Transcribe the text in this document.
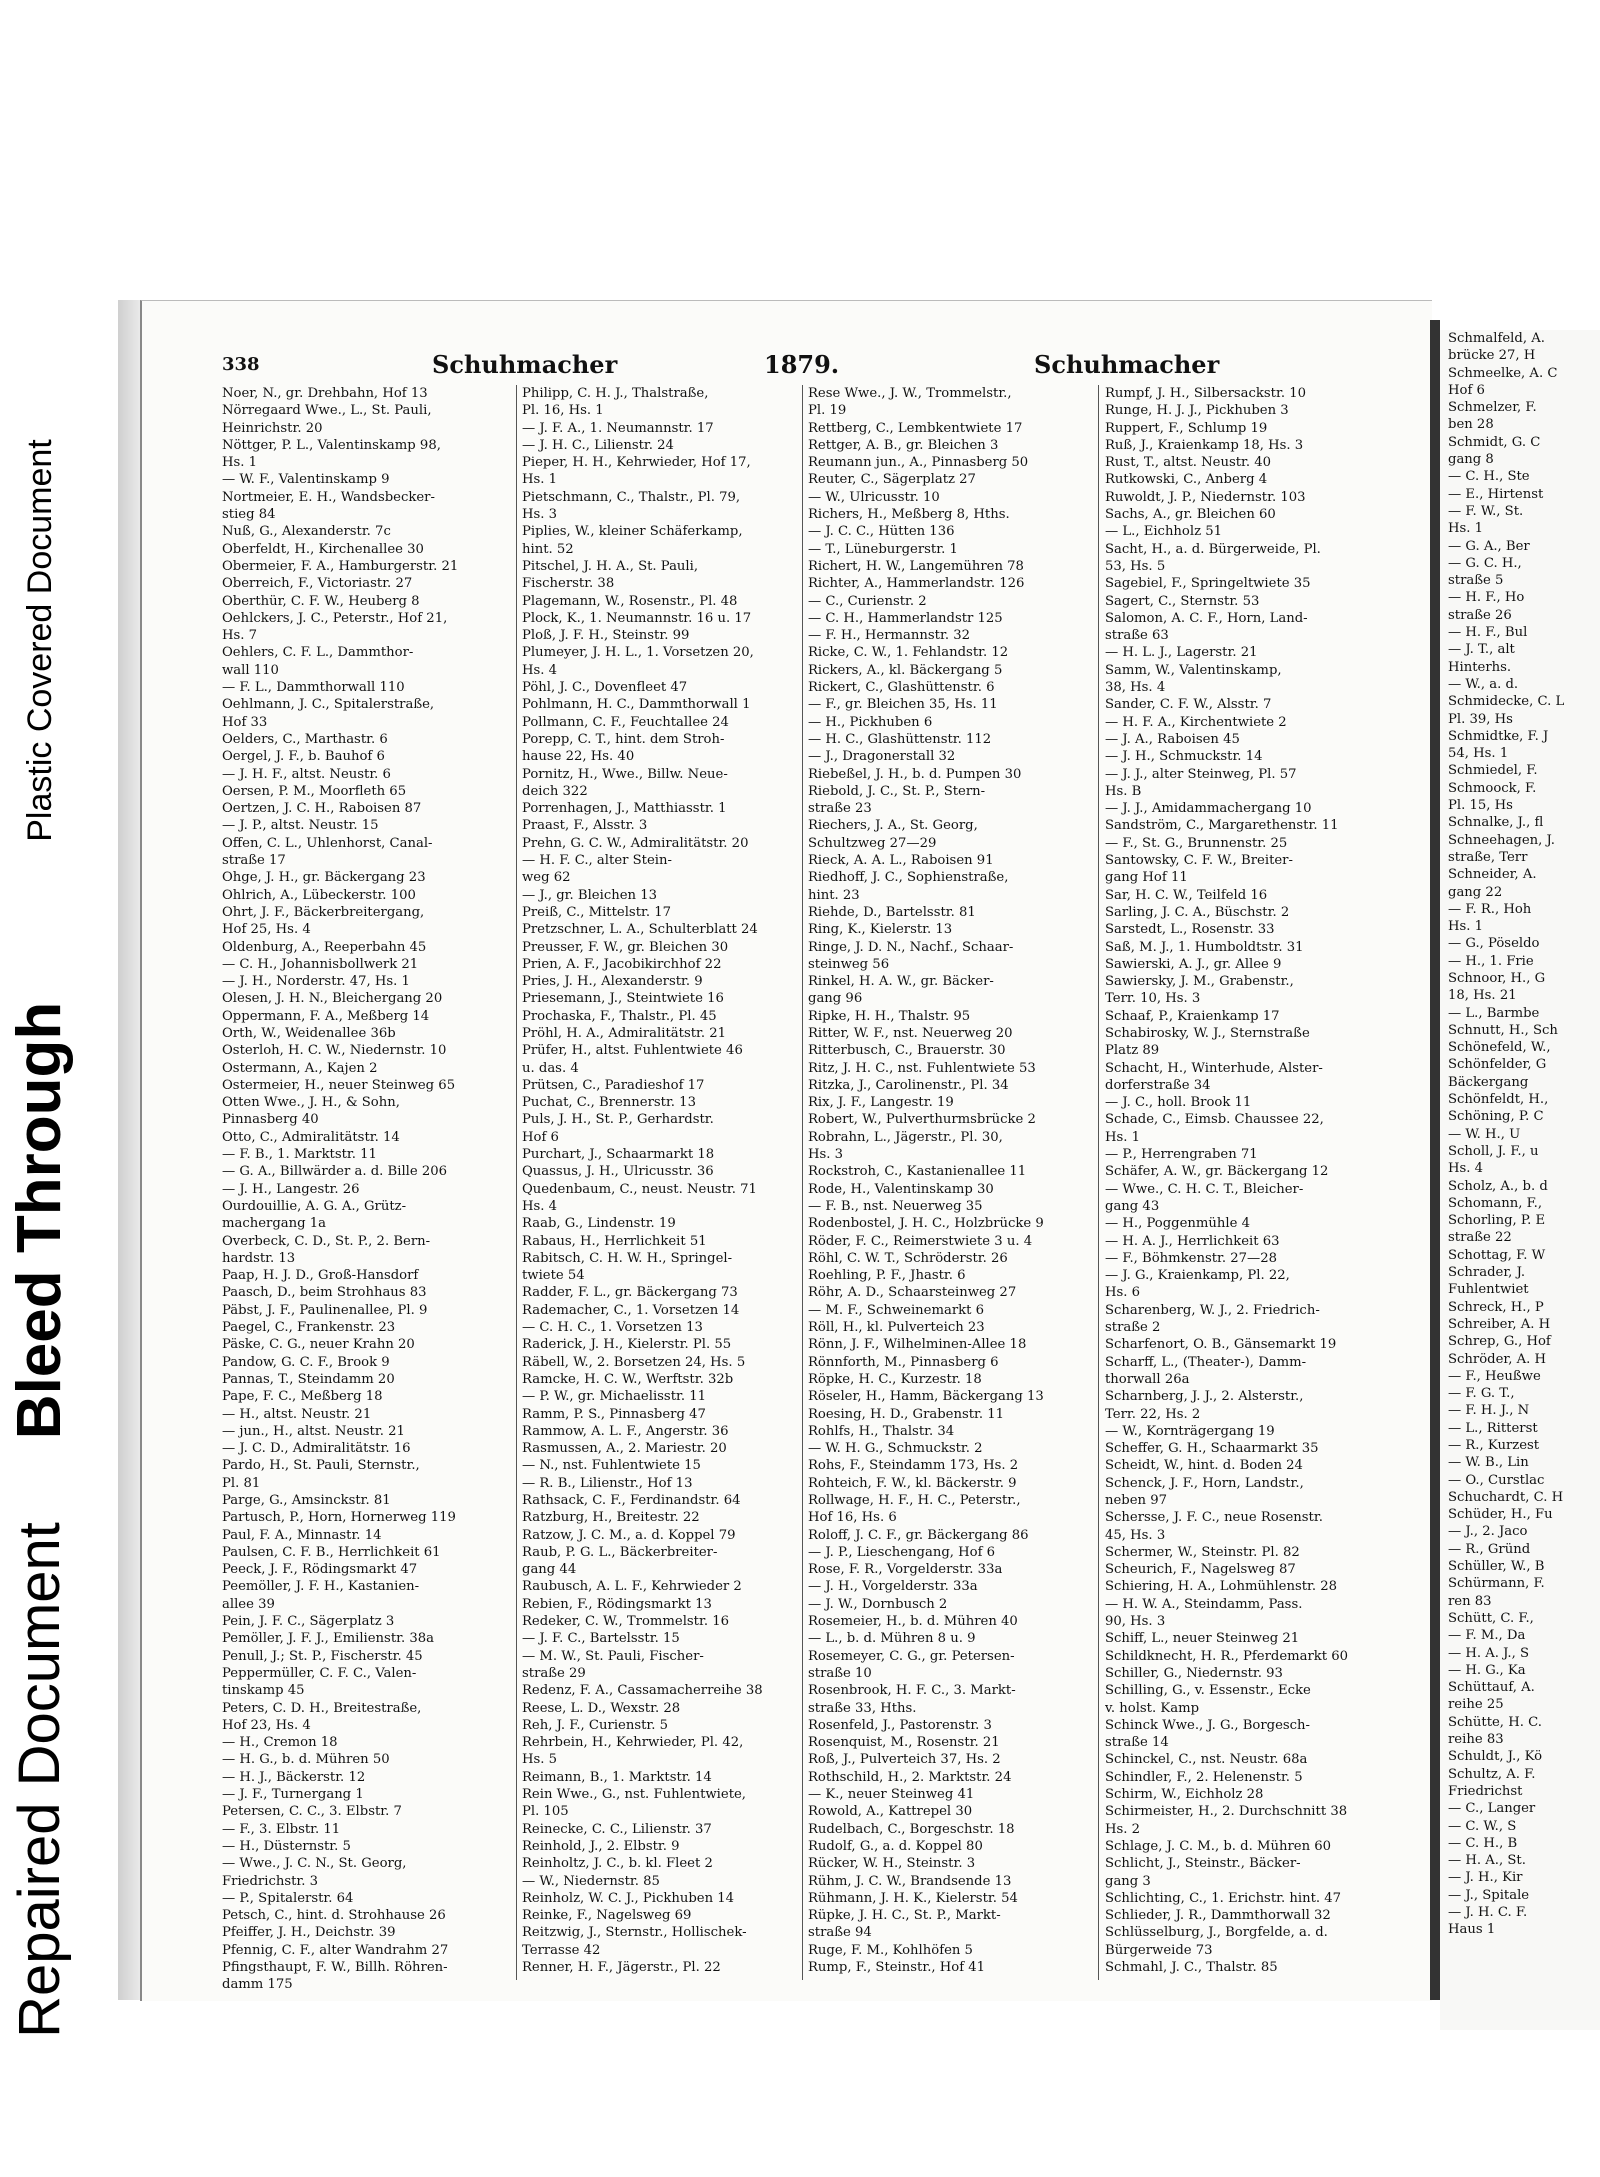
Plastic Covered Document
Bleed Through
Repaired Document
Schmalfeld, A.
brücke 27, H
Schmeelke, A. C
Hof 6
Schmelzer, F.
ben 28
Schmidt, G. C
gang 8
— C. H., Ste
— E., Hirtenst
— F. W., St.
Hs. 1
— G. A., Ber
— G. C. H.,
straße 5
— H. F., Ho
straße 26
— H. F., Bul
— J. T., alt
Hinterhs.
— W., a. d.
Schmidecke, C. L
Pl. 39, Hs
Schmidtke, F. J
54, Hs. 1
Schmiedel, F.
Schmoock, F.
Pl. 15, Hs
Schnalke, J., fl
Schneehagen, J.
straße, Terr
Schneider, A.
gang 22
— F. R., Hoh
Hs. 1
— G., Pöseldo
— H., 1. Frie
Schnoor, H., G
18, Hs. 21
— L., Barmbe
Schnutt, H., Sch
Schönefeld, W.,
Schönfelder, G
Bäckergang
Schönfeldt, H.,
Schöning, P. C
— W. H., U
Scholl, J. F., u
Hs. 4
Scholz, A., b. d
Schomann, F.,
Schorling, P. E
straße 22
Schottag, F. W
Schrader, J.
Fuhlentwiet
Schreck, H., P
Schreiber, A. H
Schrep, G., Hof
Schröder, A. H
— F., Heußwe
— F. G. T.,
— F. H. J., N
— L., Ritterst
— R., Kurzest
— W. B., Lin
— O., Curstlac
Schuchardt, C. H
Schüder, H., Fu
— J., 2. Jaco
— R., Gründ
Schüller, W., B
Schürmann, F.
ren 83
Schütt, C. F.,
— F. M., Da
— H. A. J., S
— H. G., Ka
Schüttauf, A.
reihe 25
Schütte, H. C.
reihe 83
Schuldt, J., Kö
Schultz, A. F.
Friedrichst
— C., Langer
— C. W., S
— C. H., B
— H. A., St.
— J. H., Kir
— J., Spitale
— J. H. C. F.
Haus 1
338	Schuhmacher	1879.	Schuhmacher
Noer, N., gr. Drehbahn, Hof 13
Nörregaard Wwe., L., St. Pauli,
Heinrichstr. 20
Nöttger, P. L., Valentinskamp 98,
Hs. 1
— W. F., Valentinskamp 9
Nortmeier, E. H., Wandsbecker-
stieg 84
Nuß, G., Alexanderstr. 7c
Oberfeldt, H., Kirchenallee 30
Obermeier, F. A., Hamburgerstr. 21
Oberreich, F., Victoriastr. 27
Oberthür, C. F. W., Heuberg 8
Oehlckers, J. C., Peterstr., Hof 21,
Hs. 7
Oehlers, C. F. L., Dammthor-
wall 110
— F. L., Dammthorwall 110
Oehlmann, J. C., Spitalerstraße,
Hof 33
Oelders, C., Marthastr. 6
Oergel, J. F., b. Bauhof 6
— J. H. F., altst. Neustr. 6
Oersen, P. M., Moorfleth 65
Oertzen, J. C. H., Raboisen 87
— J. P., altst. Neustr. 15
Offen, C. L., Uhlenhorst, Canal-
straße 17
Ohge, J. H., gr. Bäckergang 23
Ohlrich, A., Lübeckerstr. 100
Ohrt, J. F., Bäckerbreitergang,
Hof 25, Hs. 4
Oldenburg, A., Reeperbahn 45
— C. H., Johannisbollwerk 21
— J. H., Norderstr. 47, Hs. 1
Olesen, J. H. N., Bleichergang 20
Oppermann, F. A., Meßberg 14
Orth, W., Weidenallee 36b
Osterloh, H. C. W., Niedernstr. 10
Ostermann, A., Kajen 2
Ostermeier, H., neuer Steinweg 65
Otten Wwe., J. H., & Sohn,
Pinnasberg 40
Otto, C., Admiralitätstr. 14
— F. B., 1. Marktstr. 11
— G. A., Billwärder a. d. Bille 206
— J. H., Langestr. 26
Ourdouillie, A. G. A., Grütz-
machergang 1a
Overbeck, C. D., St. P., 2. Bern-
hardstr. 13
Paap, H. J. D., Groß-Hansdorf
Paasch, D., beim Strohhaus 83
Päbst, J. F., Paulinenallee, Pl. 9
Paegel, C., Frankenstr. 23
Päske, C. G., neuer Krahn 20
Pandow, G. C. F., Brook 9
Pannas, T., Steindamm 20
Pape, F. C., Meßberg 18
— H., altst. Neustr. 21
— jun., H., altst. Neustr. 21
— J. C. D., Admiralitätstr. 16
Pardo, H., St. Pauli, Sternstr.,
Pl. 81
Parge, G., Amsinckstr. 81
Partusch, P., Horn, Hornerweg 119
Paul, F. A., Minnastr. 14
Paulsen, C. F. B., Herrlichkeit 61
Peeck, J. F., Rödingsmarkt 47
Peemöller, J. F. H., Kastanien-
allee 39
Pein, J. F. C., Sägerplatz 3
Pemöller, J. F. J., Emilienstr. 38a
Penull, J.; St. P., Fischerstr. 45
Peppermüller, C. F. C., Valen-
tinskamp 45
Peters, C. D. H., Breitestraße,
Hof 23, Hs. 4
— H., Cremon 18
— H. G., b. d. Mühren 50
— H. J., Bäckerstr. 12
— J. F., Turnergang 1
Petersen, C. C., 3. Elbstr. 7
— F., 3. Elbstr. 11
— H., Düsternstr. 5
— Wwe., J. C. N., St. Georg,
Friedrichstr. 3
— P., Spitalerstr. 64
Petsch, C., hint. d. Strohhause 26
Pfeiffer, J. H., Deichstr. 39
Pfennig, C. F., alter Wandrahm 27
Pfingsthaupt, F. W., Billh. Röhren-
damm 175
Philipp, C. H. J., Thalstraße,
Pl. 16, Hs. 1
— J. F. A., 1. Neumannstr. 17
— J. H. C., Lilienstr. 24
Pieper, H. H., Kehrwieder, Hof 17,
Hs. 1
Pietschmann, C., Thalstr., Pl. 79,
Hs. 3
Piplies, W., kleiner Schäferkamp,
hint. 52
Pitschel, J. H. A., St. Pauli,
Fischerstr. 38
Plagemann, W., Rosenstr., Pl. 48
Plock, K., 1. Neumannstr. 16 u. 17
Ploß, J. F. H., Steinstr. 99
Plumeyer, J. H. L., 1. Vorsetzen 20,
Hs. 4
Pöhl, J. C., Dovenfleet 47
Pohlmann, H. C., Dammthorwall 1
Pollmann, C. F., Feuchtallee 24
Porepp, C. T., hint. dem Stroh-
hause 22, Hs. 40
Pornitz, H., Wwe., Billw. Neue-
deich 322
Porrenhagen, J., Matthiasstr. 1
Praast, F., Alsstr. 3
Prehn, G. C. W., Admiralitätstr. 20
— H. F. C., alter Stein-
weg 62
— J., gr. Bleichen 13
Preiß, C., Mittelstr. 17
Pretzschner, L. A., Schulterblatt 24
Preusser, F. W., gr. Bleichen 30
Prien, A. F., Jacobikirchhof 22
Pries, J. H., Alexanderstr. 9
Priesemann, J., Steintwiete 16
Prochaska, F., Thalstr., Pl. 45
Pröhl, H. A., Admiralitätstr. 21
Prüfer, H., altst. Fuhlentwiete 46
u. das. 4
Prütsen, C., Paradieshof 17
Puchat, C., Brennerstr. 13
Puls, J. H., St. P., Gerhardstr.
Hof 6
Purchart, J., Schaarmarkt 18
Quassus, J. H., Ulricusstr. 36
Quedenbaum, C., neust. Neustr. 71
Hs. 4
Raab, G., Lindenstr. 19
Rabaus, H., Herrlichkeit 51
Rabitsch, C. H. W. H., Springel-
twiete 54
Radder, F. L., gr. Bäckergang 73
Rademacher, C., 1. Vorsetzen 14
— C. H. C., 1. Vorsetzen 13
Raderick, J. H., Kielerstr. Pl. 55
Räbell, W., 2. Borsetzen 24, Hs. 5
Ramcke, H. C. W., Werftstr. 32b
— P. W., gr. Michaelisstr. 11
Ramm, P. S., Pinnasberg 47
Rammow, A. L. F., Angerstr. 36
Rasmussen, A., 2. Mariestr. 20
— N., nst. Fuhlentwiete 15
— R. B., Lilienstr., Hof 13
Rathsack, C. F., Ferdinandstr. 64
Ratzburg, H., Breitestr. 22
Ratzow, J. C. M., a. d. Koppel 79
Raub, P. G. L., Bäckerbreiter-
gang 44
Raubusch, A. L. F., Kehrwieder 2
Rebien, F., Rödingsmarkt 13
Redeker, C. W., Trommelstr. 16
— J. F. C., Bartelsstr. 15
— M. W., St. Pauli, Fischer-
straße 29
Redenz, F. A., Cassamacherreihe 38
Reese, L. D., Wexstr. 28
Reh, J. F., Curienstr. 5
Rehrbein, H., Kehrwieder, Pl. 42,
Hs. 5
Reimann, B., 1. Marktstr. 14
Rein Wwe., G., nst. Fuhlentwiete,
Pl. 105
Reinecke, C. C., Lilienstr. 37
Reinhold, J., 2. Elbstr. 9
Reinholtz, J. C., b. kl. Fleet 2
— W., Niedernstr. 85
Reinholz, W. C. J., Pickhuben 14
Reinke, F., Nagelsweg 69
Reitzwig, J., Sternstr., Hollischek-
Terrasse 42
Renner, H. F., Jägerstr., Pl. 22
Rese Wwe., J. W., Trommelstr.,
Pl. 19
Rettberg, C., Lembkentwiete 17
Rettger, A. B., gr. Bleichen 3
Reumann jun., A., Pinnasberg 50
Reuter, C., Sägerplatz 27
— W., Ulricusstr. 10
Richers, H., Meßberg 8, Hths.
— J. C. C., Hütten 136
— T., Lüneburgerstr. 1
Richert, H. W., Langemühren 78
Richter, A., Hammerlandstr. 126
— C., Curienstr. 2
— C. H., Hammerlandstr 125
— F. H., Hermannstr. 32
Ricke, C. W., 1. Fehlandstr. 12
Rickers, A., kl. Bäckergang 5
Rickert, C., Glashüttenstr. 6
— F., gr. Bleichen 35, Hs. 11
— H., Pickhuben 6
— H. C., Glashüttenstr. 112
— J., Dragonerstall 32
Riebeßel, J. H., b. d. Pumpen 30
Riebold, J. C., St. P., Stern-
straße 23
Riechers, J. A., St. Georg,
Schultzweg 27—29
Rieck, A. A. L., Raboisen 91
Riedhoff, J. C., Sophienstraße,
hint. 23
Riehde, D., Bartelsstr. 81
Ring, K., Kielerstr. 13
Ringe, J. D. N., Nachf., Schaar-
steinweg 56
Rinkel, H. A. W., gr. Bäcker-
gang 96
Ripke, H. H., Thalstr. 95
Ritter, W. F., nst. Neuerweg 20
Ritterbusch, C., Brauerstr. 30
Ritz, J. H. C., nst. Fuhlentwiete 53
Ritzka, J., Carolinenstr., Pl. 34
Rix, J. F., Langestr. 19
Robert, W., Pulverthurmsbrücke 2
Robrahn, L., Jägerstr., Pl. 30,
Hs. 3
Rockstroh, C., Kastanienallee 11
Rode, H., Valentinskamp 30
— F. B., nst. Neuerweg 35
Rodenbostel, J. H. C., Holzbrücke 9
Röder, F. C., Reimerstwiete 3 u. 4
Röhl, C. W. T., Schröderstr. 26
Roehling, P. F., Jhastr. 6
Röhr, A. D., Schaarsteinweg 27
— M. F., Schweinemarkt 6
Röll, H., kl. Pulverteich 23
Rönn, J. F., Wilhelminen-Allee 18
Rönnforth, M., Pinnasberg 6
Röpke, H. C., Kurzestr. 18
Röseler, H., Hamm, Bäckergang 13
Roesing, H. D., Grabenstr. 11
Rohlfs, H., Thalstr. 34
— W. H. G., Schmuckstr. 2
Rohs, F., Steindamm 173, Hs. 2
Rohteich, F. W., kl. Bäckerstr. 9
Rollwage, H. F., H. C., Peterstr.,
Hof 16, Hs. 6
Roloff, J. C. F., gr. Bäckergang 86
— J. P., Lieschengang, Hof 6
Rose, F. R., Vorgelderstr. 33a
— J. H., Vorgelderstr. 33a
— J. W., Dornbusch 2
Rosemeier, H., b. d. Mühren 40
— L., b. d. Mühren 8 u. 9
Rosemeyer, C. G., gr. Petersen-
straße 10
Rosenbrook, H. F. C., 3. Markt-
straße 33, Hths.
Rosenfeld, J., Pastorenstr. 3
Rosenquist, M., Rosenstr. 21
Roß, J., Pulverteich 37, Hs. 2
Rothschild, H., 2. Marktstr. 24
— K., neuer Steinweg 41
Rowold, A., Kattrepel 30
Rudelbach, C., Borgeschstr. 18
Rudolf, G., a. d. Koppel 80
Rücker, W. H., Steinstr. 3
Rühm, J. C. W., Brandsende 13
Rühmann, J. H. K., Kielerstr. 54
Rüpke, J. H. C., St. P., Markt-
straße 94
Ruge, F. M., Kohlhöfen 5
Rump, F., Steinstr., Hof 41
Rumpf, J. H., Silbersackstr. 10
Runge, H. J. J., Pickhuben 3
Ruppert, F., Schlump 19
Ruß, J., Kraienkamp 18, Hs. 3
Rust, T., altst. Neustr. 40
Rutkowski, C., Anberg 4
Ruwoldt, J. P., Niedernstr. 103
Sachs, A., gr. Bleichen 60
— L., Eichholz 51
Sacht, H., a. d. Bürgerweide, Pl.
53, Hs. 5
Sagebiel, F., Springeltwiete 35
Sagert, C., Sternstr. 53
Salomon, A. C. F., Horn, Land-
straße 63
— H. L. J., Lagerstr. 21
Samm, W., Valentinskamp,
38, Hs. 4
Sander, C. F. W., Alsstr. 7
— H. F. A., Kirchentwiete 2
— J. A., Raboisen 45
— J. H., Schmuckstr. 14
— J. J., alter Steinweg, Pl. 57
Hs. B
— J. J., Amidammachergang 10
Sandström, C., Margarethenstr. 11
— F., St. G., Brunnenstr. 25
Santowsky, C. F. W., Breiter-
gang Hof 11
Sar, H. C. W., Teilfeld 16
Sarling, J. C. A., Büschstr. 2
Sarstedt, L., Rosenstr. 33
Saß, M. J., 1. Humboldtstr. 31
Sawierski, A. J., gr. Allee 9
Sawiersky, J. M., Grabenstr.,
Terr. 10, Hs. 3
Schaaf, P., Kraienkamp 17
Schabirosky, W. J., Sternstraße
Platz 89
Schacht, H., Winterhude, Alster-
dorferstraße 34
— J. C., holl. Brook 11
Schade, C., Eimsb. Chaussee 22,
Hs. 1
— P., Herrengraben 71
Schäfer, A. W., gr. Bäckergang 12
— Wwe., C. H. C. T., Bleicher-
gang 43
— H., Poggenmühle 4
— H. A. J., Herrlichkeit 63
— F., Böhmkenstr. 27—28
— J. G., Kraienkamp, Pl. 22,
Hs. 6
Scharenberg, W. J., 2. Friedrich-
straße 2
Scharfenort, O. B., Gänsemarkt 19
Scharff, L., (Theater-), Damm-
thorwall 26a
Scharnberg, J. J., 2. Alsterstr.,
Terr. 22, Hs. 2
— W., Kornträgergang 19
Scheffer, G. H., Schaarmarkt 35
Scheidt, W., hint. d. Boden 24
Schenck, J. F., Horn, Landstr.,
neben 97
Schersse, J. F. C., neue Rosenstr.
45, Hs. 3
Schermer, W., Steinstr. Pl. 82
Scheurich, F., Nagelsweg 87
Schiering, H. A., Lohmühlenstr. 28
— H. W. A., Steindamm, Pass.
90, Hs. 3
Schiff, L., neuer Steinweg 21
Schildknecht, H. R., Pferdemarkt 60
Schiller, G., Niedernstr. 93
Schilling, G., v. Essenstr., Ecke
v. holst. Kamp
Schinck Wwe., J. G., Borgesch-
straße 14
Schinckel, C., nst. Neustr. 68a
Schindler, F., 2. Helenenstr. 5
Schirm, W., Eichholz 28
Schirmeister, H., 2. Durchschnitt 38
Hs. 2
Schlage, J. C. M., b. d. Mühren 60
Schlicht, J., Steinstr., Bäcker-
gang 3
Schlichting, C., 1. Erichstr. hint. 47
Schlieder, J. R., Dammthorwall 32
Schlüsselburg, J., Borgfelde, a. d.
Bürgerweide 73
Schmahl, J. C., Thalstr. 85
